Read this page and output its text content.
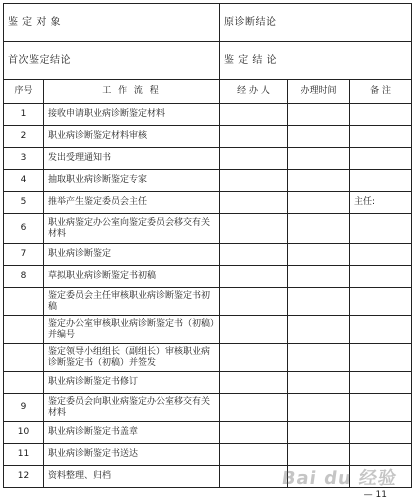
鉴 定 对 象		原诊断结论		
首次鉴定结论		鉴 定 结 论		
序号	工 作 流 程	经 办 人	办理时间	备 注
1	接收申请职业病诊断鉴定材料			
2	职业病诊断鉴定材料审核			
3	发出受理通知书			
4	抽取职业病诊断鉴定专家			
5	推举产生鉴定委员会主任			主任:
6	职业病鉴定办公室向鉴定委员会移交有关材料			
7	职业病诊断鉴定			
8	草拟职业病诊断鉴定书初稿			
	鉴定委员会主任审核职业病诊断鉴定书初稿			
	鉴定办公室审核职业病诊断鉴定书（初稿）并编号			
	鉴定领导小组组长（副组长）审核职业病诊断鉴定书（初稿）并签发			
	职业病诊断鉴定书修订			
9	鉴定委员会向职业病鉴定办公室移交有关材料			
10	职业病诊断鉴定书盖章			
11	职业病诊断鉴定书送达			
12	资料整理、归档				Bai du 经验
— 11
